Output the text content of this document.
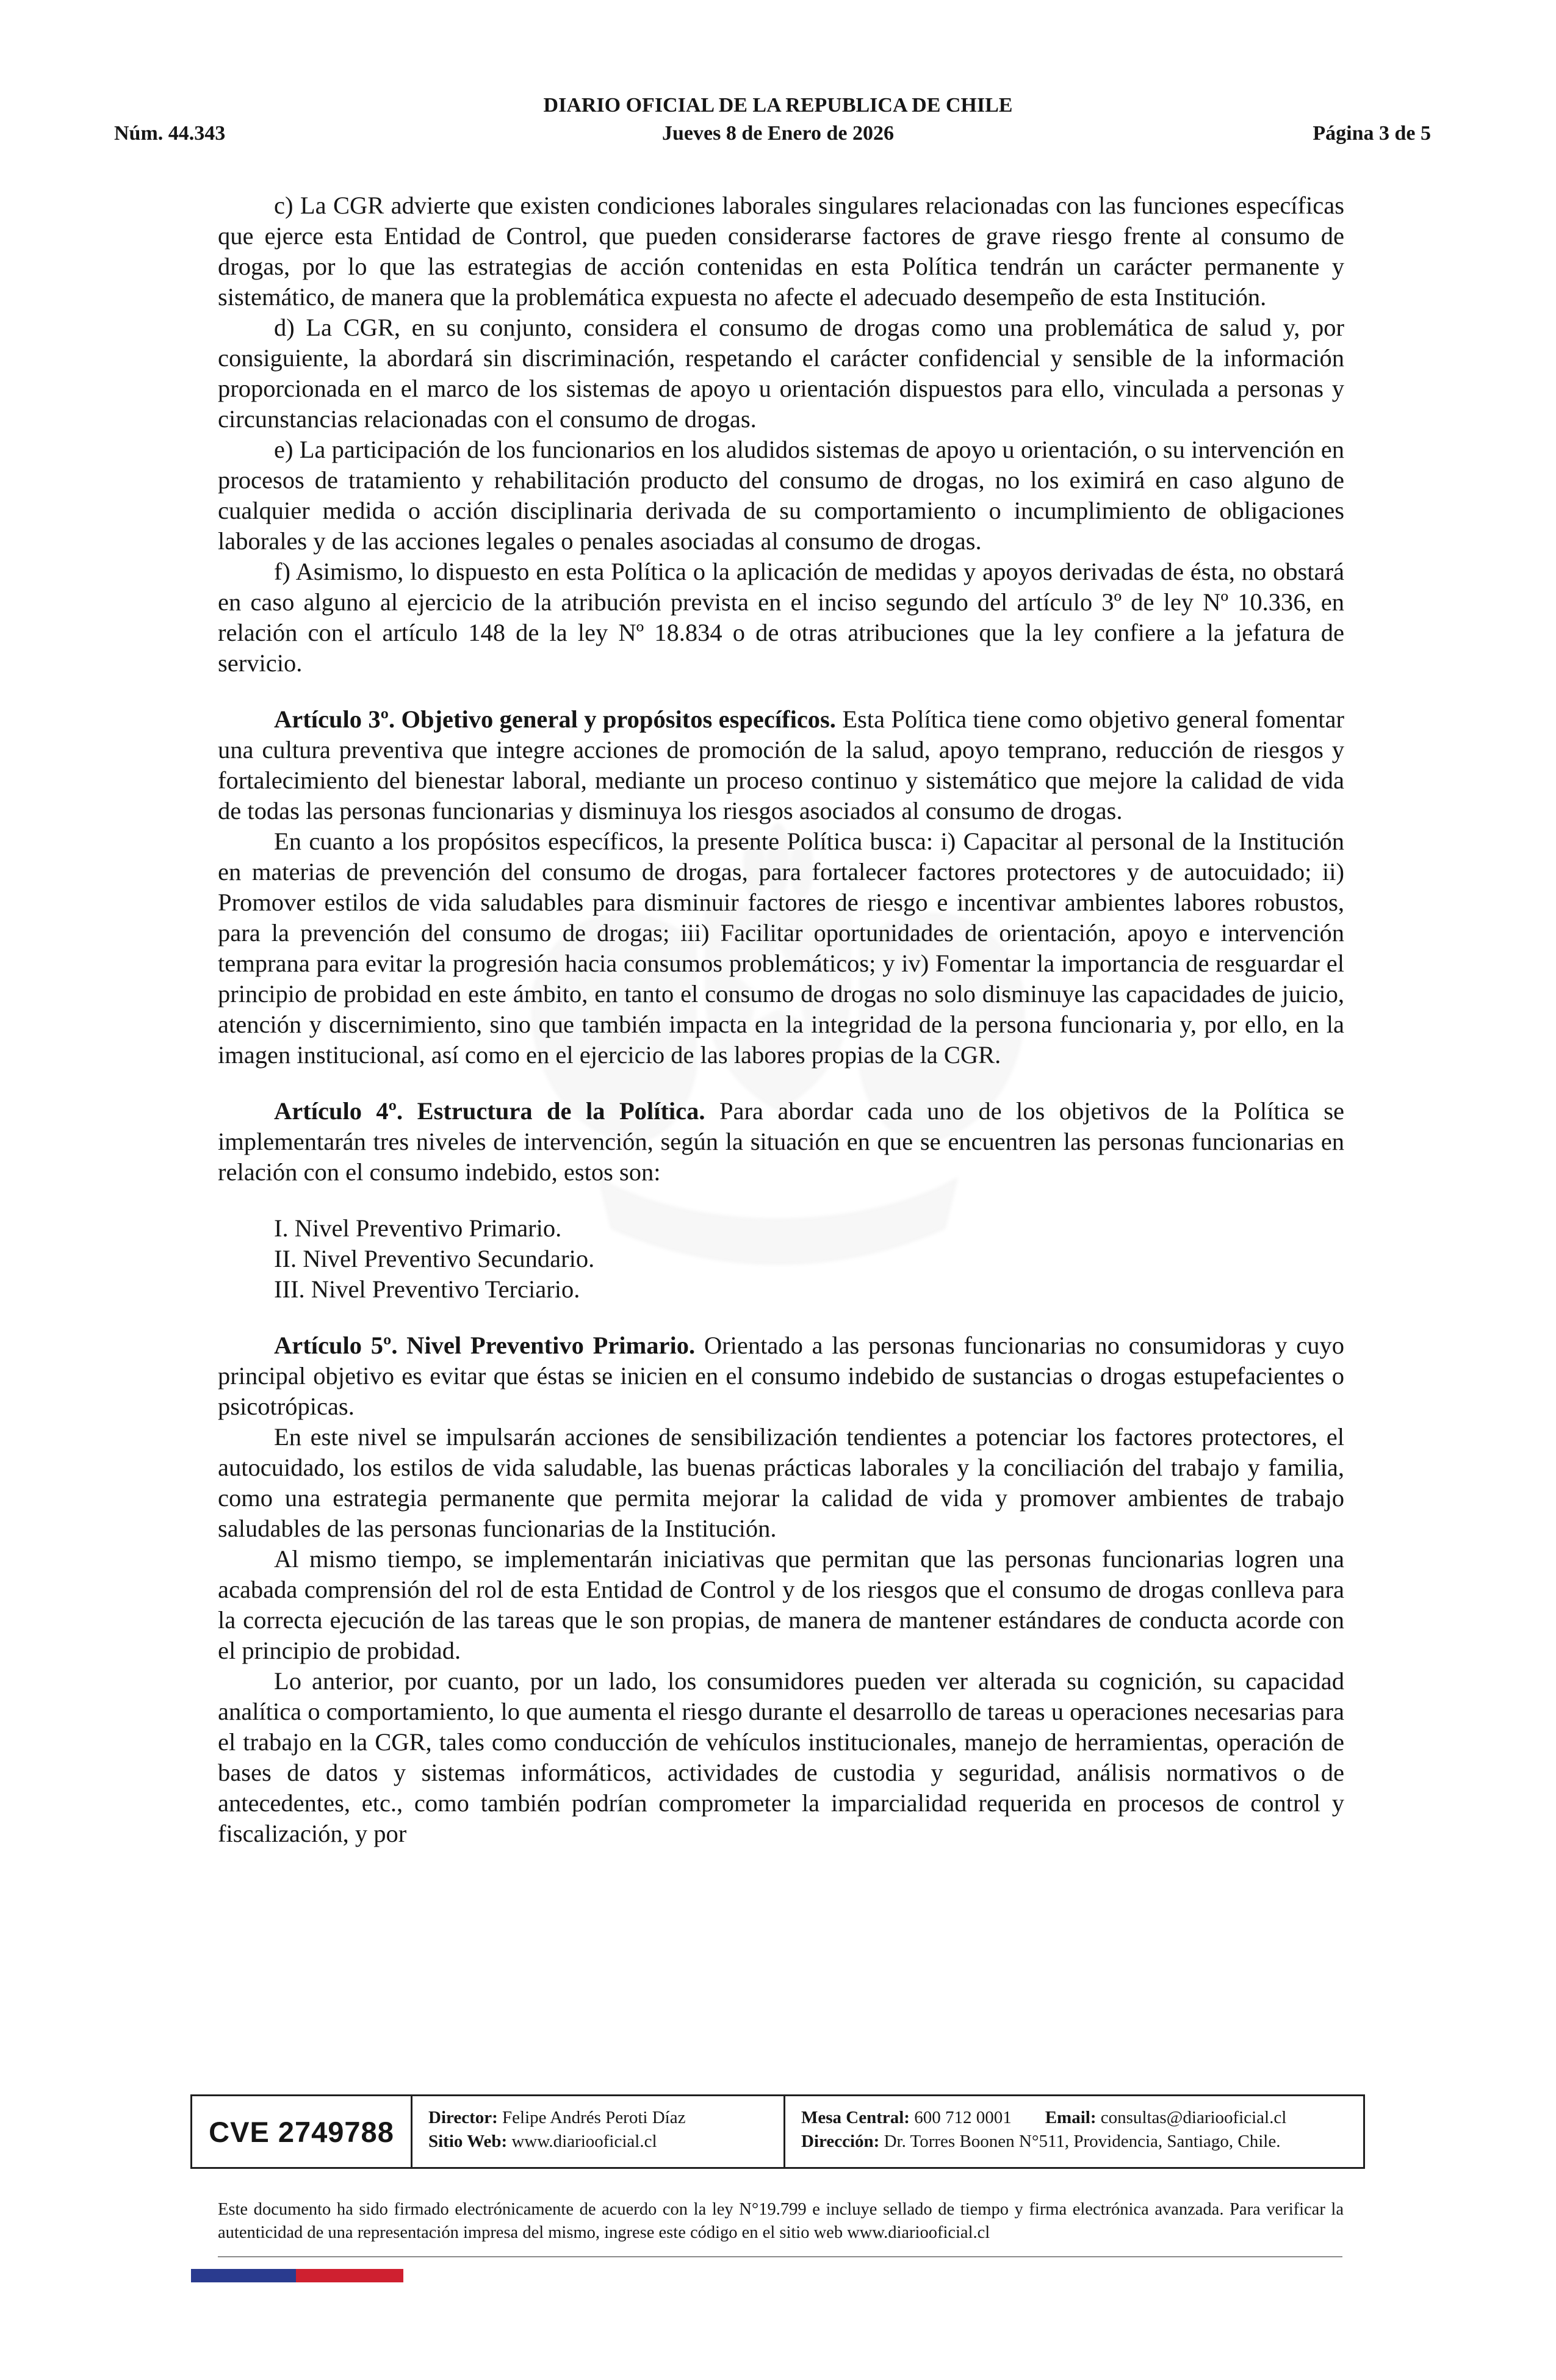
Núm. 44.343
DIARIO OFICIAL DE LA REPUBLICA DE CHILE
Jueves 8 de Enero de 2026	Página 3 de 5

c) La CGR advierte que existen condiciones laborales singulares relacionadas con las funciones específicas que ejerce esta Entidad de Control, que pueden considerarse factores de grave riesgo frente al consumo de drogas, por lo que las estrategias de acción contenidas en esta Política tendrán un carácter permanente y sistemático, de manera que la problemática expuesta no afecte el adecuado desempeño de esta Institución.

d) La CGR, en su conjunto, considera el consumo de drogas como una problemática de salud y, por consiguiente, la abordará sin discriminación, respetando el carácter confidencial y sensible de la información proporcionada en el marco de los sistemas de apoyo u orientación dispuestos para ello, vinculada a personas y circunstancias relacionadas con el consumo de drogas.

e) La participación de los funcionarios en los aludidos sistemas de apoyo u orientación, o su intervención en procesos de tratamiento y rehabilitación producto del consumo de drogas, no los eximirá en caso alguno de cualquier medida o acción disciplinaria derivada de su comportamiento o incumplimiento de obligaciones laborales y de las acciones legales o penales asociadas al consumo de drogas.

f) Asimismo, lo dispuesto en esta Política o la aplicación de medidas y apoyos derivadas de ésta, no obstará en caso alguno al ejercicio de la atribución prevista en el inciso segundo del artículo 3º de ley Nº 10.336, en relación con el artículo 148 de la ley Nº 18.834 o de otras atribuciones que la ley confiere a la jefatura de servicio.

Artículo 3º. Objetivo general y propósitos específicos. Esta Política tiene como objetivo general fomentar una cultura preventiva que integre acciones de promoción de la salud, apoyo temprano, reducción de riesgos y fortalecimiento del bienestar laboral, mediante un proceso continuo y sistemático que mejore la calidad de vida de todas las personas funcionarias y disminuya los riesgos asociados al consumo de drogas.

En cuanto a los propósitos específicos, la presente Política busca: i) Capacitar al personal de la Institución en materias de prevención del consumo de drogas, para fortalecer factores protectores y de autocuidado; ii) Promover estilos de vida saludables para disminuir factores de riesgo e incentivar ambientes labores robustos, para la prevención del consumo de drogas; iii) Facilitar oportunidades de orientación, apoyo e intervención temprana para evitar la progresión hacia consumos problemáticos; y iv) Fomentar la importancia de resguardar el principio de probidad en este ámbito, en tanto el consumo de drogas no solo disminuye las capacidades de juicio, atención y discernimiento, sino que también impacta en la integridad de la persona funcionaria y, por ello, en la imagen institucional, así como en el ejercicio de las labores propias de la CGR.

Artículo 4º. Estructura de la Política. Para abordar cada uno de los objetivos de la Política se implementarán tres niveles de intervención, según la situación en que se encuentren las personas funcionarias en relación con el consumo indebido, estos son:

I. Nivel Preventivo Primario.

II. Nivel Preventivo Secundario.

III. Nivel Preventivo Terciario.

Artículo 5º. Nivel Preventivo Primario. Orientado a las personas funcionarias no consumidoras y cuyo principal objetivo es evitar que éstas se inicien en el consumo indebido de sustancias o drogas estupefacientes o psicotrópicas.

En este nivel se impulsarán acciones de sensibilización tendientes a potenciar los factores protectores, el autocuidado, los estilos de vida saludable, las buenas prácticas laborales y la conciliación del trabajo y familia, como una estrategia permanente que permita mejorar la calidad de vida y promover ambientes de trabajo saludables de las personas funcionarias de la Institución.

Al mismo tiempo, se implementarán iniciativas que permitan que las personas funcionarias logren una acabada comprensión del rol de esta Entidad de Control y de los riesgos que el consumo de drogas conlleva para la correcta ejecución de las tareas que le son propias, de manera de mantener estándares de conducta acorde con el principio de probidad.

Lo anterior, por cuanto, por un lado, los consumidores pueden ver alterada su cognición, su capacidad analítica o comportamiento, lo que aumenta el riesgo durante el desarrollo de tareas u operaciones necesarias para el trabajo en la CGR, tales como conducción de vehículos institucionales, manejo de herramientas, operación de bases de datos y sistemas informáticos, actividades de custodia y seguridad, análisis normativos o de antecedentes, etc., como también podrían comprometer la imparcialidad requerida en procesos de control y fiscalización, y por

CVE 2749788	Director: Felipe Andrés Peroti Díaz
Sitio Web: www.diariooficial.cl
Mesa Central: 600 712 0001 Email: consultas@diariooficial.cl
Dirección: Dr. Torres Boonen N°511, Providencia, Santiago, Chile.
Este documento ha sido firmado electrónicamente de acuerdo con la ley N°19.799 e incluye sellado de tiempo y firma electrónica avanzada. Para verificar la autenticidad de una representación impresa del mismo, ingrese este código en el sitio web www.diariooficial.cl
